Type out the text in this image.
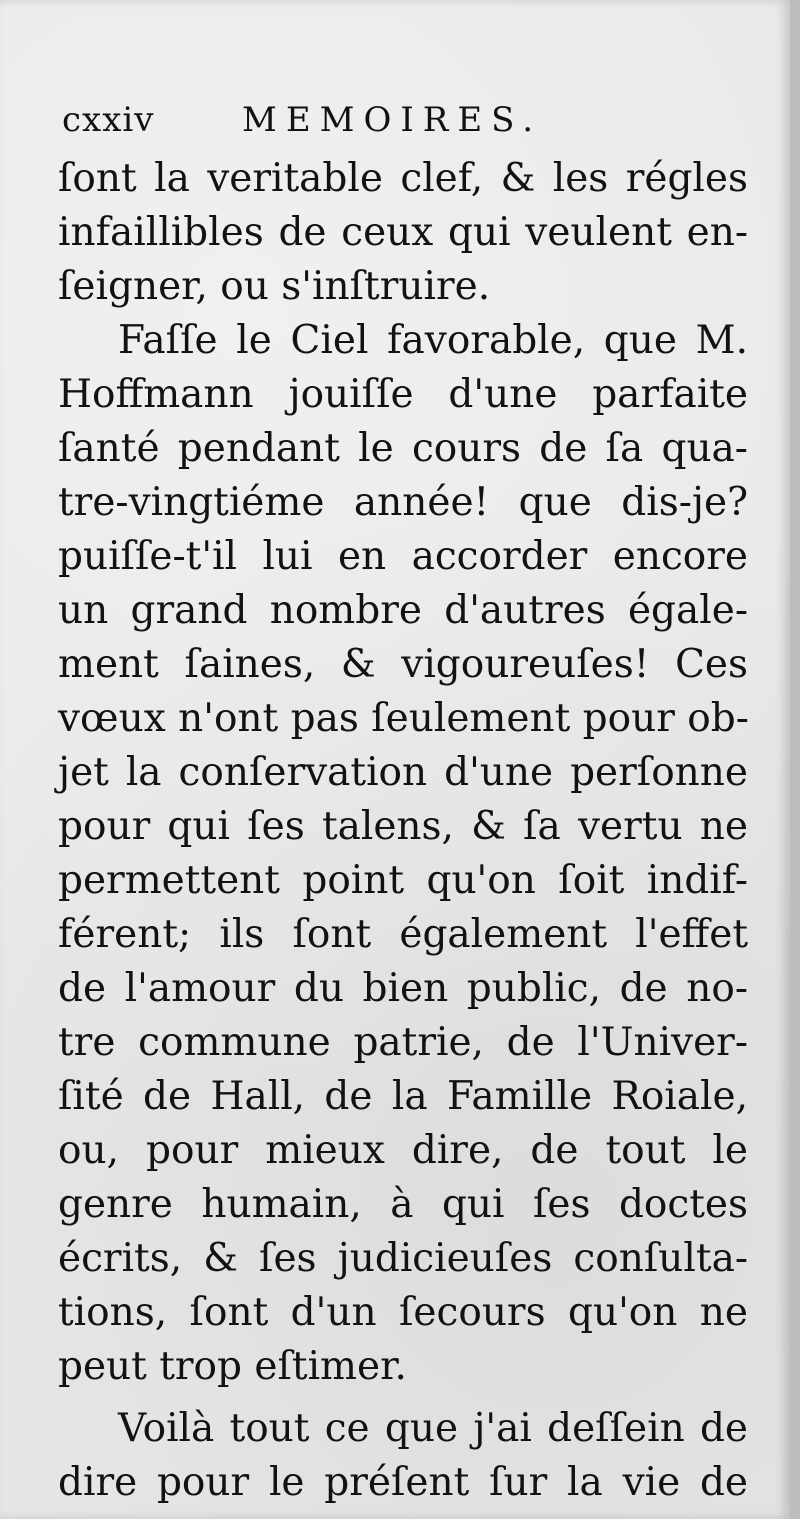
cxxiv	MEMOIRES.
ſont la veritable clef, & les régles
infaillibles de ceux qui veulent en-
ſeigner, ou s'inſtruire.
Faſſe le Ciel favorable, que M.
Hoffmann jouiſſe d'une parfaite
ſanté pendant le cours de ſa qua-
tre-vingtiéme année! que dis-je?
puiſſe-t'il lui en accorder encore
un grand nombre d'autres égale-
ment ſaines, & vigoureuſes! Ces
vœux n'ont pas ſeulement pour ob-
jet la conſervation d'une perſonne
pour qui ſes talens, & ſa vertu ne
permettent point qu'on ſoit indif-
férent; ils ſont également l'effet
de l'amour du bien public, de no-
tre commune patrie, de l'Univer-
ſité de Hall, de la Famille Roiale,
ou, pour mieux dire, de tout le
genre humain, à qui ſes doctes
écrits, & ſes judicieuſes conſulta-
tions, ſont d'un ſecours qu'on ne
peut trop eſtimer.
Voilà tout ce que j'ai deſſein de
dire pour le préſent ſur la vie de
